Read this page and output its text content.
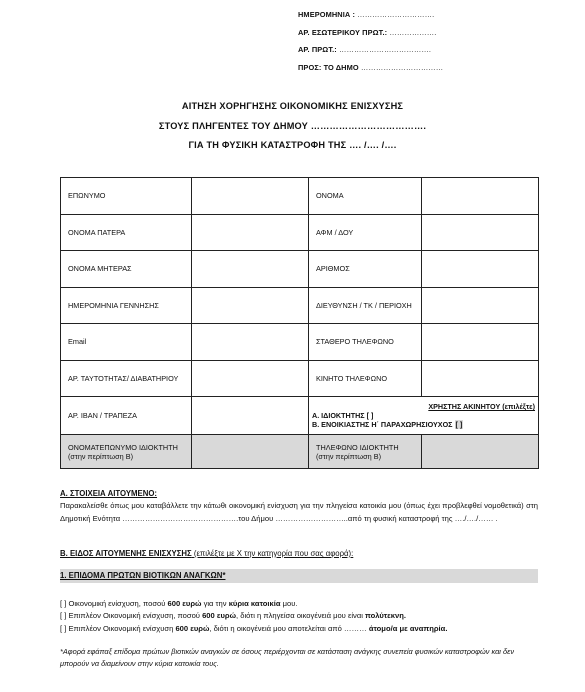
ΗΜΕΡΟΜΗΝΙΑ : ………………………….
ΑΡ. ΕΣΩΤΕΡΙΚΟΥ ΠΡΩΤ.: ……………….
ΑΡ. ΠΡΩΤ.: ……………………………….
ΠΡΟΣ: ΤΟ ΔΗΜΟ ……………………………
ΑΙΤΗΣΗ ΧΟΡΗΓΗΣΗΣ ΟΙΚΟΝΟΜΙΚΗΣ ΕΝΙΣΧΥΣΗΣ
ΣΤΟΥΣ ΠΛΗΓΕΝΤΕΣ ΤΟΥ ΔΗΜΟΥ ……………………………….
ΓΙΑ ΤΗ ΦΥΣΙΚΗ ΚΑΤΑΣΤΡΟΦΗ ΤΗΣ …. /…. /….
ΕΠΩΝΥΜΟ		ΟΝΟΜΑ	
ΟΝΟΜΑ ΠΑΤΕΡΑ		ΑΦΜ / ΔΟΥ	
ΟΝΟΜΑ ΜΗΤΕΡΑΣ		ΑΡΙΘΜΟΣ	
ΗΜΕΡΟΜΗΝΙΑ ΓΕΝΝΗΣΗΣ		ΔΙΕΥΘΥΝΣΗ / ΤΚ / ΠΕΡΙΟΧΗ	
Email		ΣΤΑΘΕΡΟ ΤΗΛΕΦΩΝΟ	
ΑΡ. ΤΑΥΤΟΤΗΤΑΣ/ ΔΙΑΒΑΤΗΡΙΟΥ		ΚΙΝΗΤΟ ΤΗΛΕΦΩΝΟ	
ΑΡ. ΙΒΑΝ / ΤΡΑΠΕΖΑ		ΧΡΗΣΤΗΣ ΑΚΙΝΗΤΟΥ (επιλέξτε)
Α. ΙΔΙΟΚΤΗΤΗΣ [ ]
Β. ΕΝΟΙΚΙΑΣΤΗΣ Η΄ ΠΑΡΑΧΩΡΗΣΙΟΥΧΟΣ [ ]	

ΟΝΟΜΑΤΕΠΩΝΥΜΟ ΙΔΙΟΚΤΗΤΗ
(στην περίπτωση Β)		ΤΗΛΕΦΩΝΟ ΙΔΙΟΚΤΗΤΗ
(στην περίπτωση Β)	
Α. ΣΤΟΙΧΕΙΑ ΑΙΤΟΥΜΕΝΟ:
Παρακαλείσθε όπως μου καταβάλλετε την κάτωθι οικονομική ενίσχυση για την πληγείσα κατοικία μου (όπως έχει προβλεφθεί νομοθετικά) στη Δημοτική Ενότητα ……………………………………….του Δήμου ………………………..από τη φυσική καταστροφή της …./…./…… .
Β. ΕΙΔΟΣ ΑΙΤΟΥΜΕΝΗΣ ΕΝΙΣΧΥΣΗΣ (επιλέξτε με Χ την κατηγορία που σας αφορά):
1. ΕΠΙΔΟΜΑ ΠΡΩΤΩΝ ΒΙΟΤΙΚΩΝ ΑΝΑΓΚΩΝ*
[ ] Οικονομική ενίσχυση, ποσού 600 ευρώ για την κύρια κατοικία μου.
[ ] Επιπλέον Οικονομική ενίσχυση, ποσού 600 ευρώ, διότι η πληγείσα οικογένειά μου είναι πολύτεκνη.
[ ] Επιπλέον Οικονομική ενίσχυση 600 ευρώ, διότι η οικογένειά μου αποτελείται από ……… άτομο/α με αναπηρία.
*Αφορά εφάπαξ επίδομα πρώτων βιοτικών αναγκών σε όσους περιέρχονται σε κατάσταση ανάγκης συνεπεία φυσικών καταστροφών και δεν μπορούν να διαμείνουν στην κύρια κατοικία τους.
